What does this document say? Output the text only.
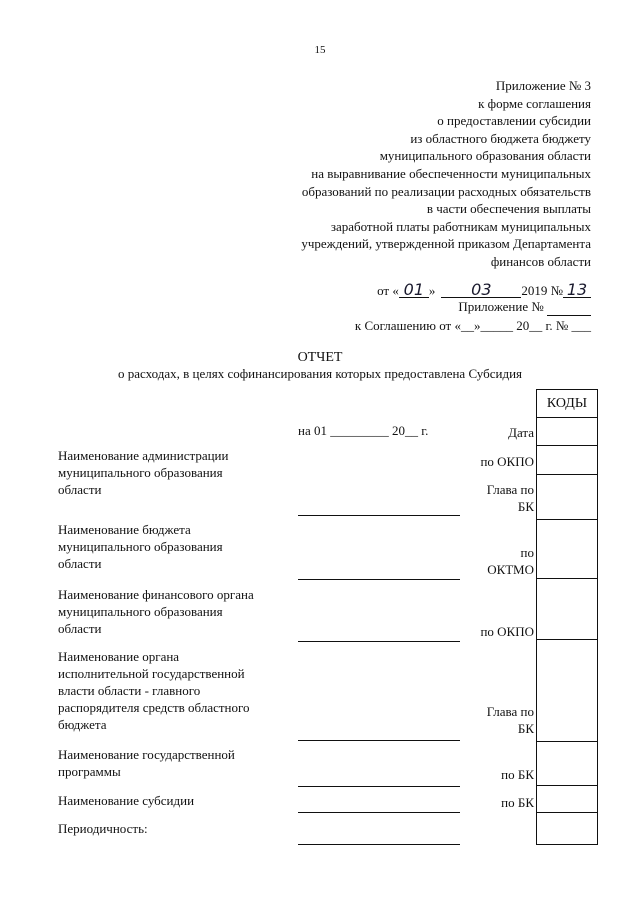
15
Приложение № 3
к форме соглашения
о предоставлении субсидии
из областного бюджета бюджету
муниципального образования области
на выравнивание обеспеченности муниципальных
образований по реализации расходных обязательств
в части обеспечения выплаты
заработной платы работникам муниципальных
учреждений, утвержденной приказом Департамента
финансов области
от « 01 » 03 2019 № 13
Приложение №
к Соглашению от «__»_____ 20__ г. № ___
ОТЧЕТ
о расходах, в целях софинансирования которых предоставлена Субсидия
на 01 _________ 20__ г.
КОДЫ
Дата
по ОКПО
Глава по
БК
по
ОКТМО
по ОКПО
Глава по
БК
по БК
по БК
Наименование администрации
муниципального образования
области
Наименование бюджета
муниципального образования
области
Наименование финансового органа
муниципального образования
области
Наименование органа
исполнительной государственной
власти области - главного
распорядителя средств областного
бюджета
Наименование государственной
программы
Наименование субсидии
Периодичность:
